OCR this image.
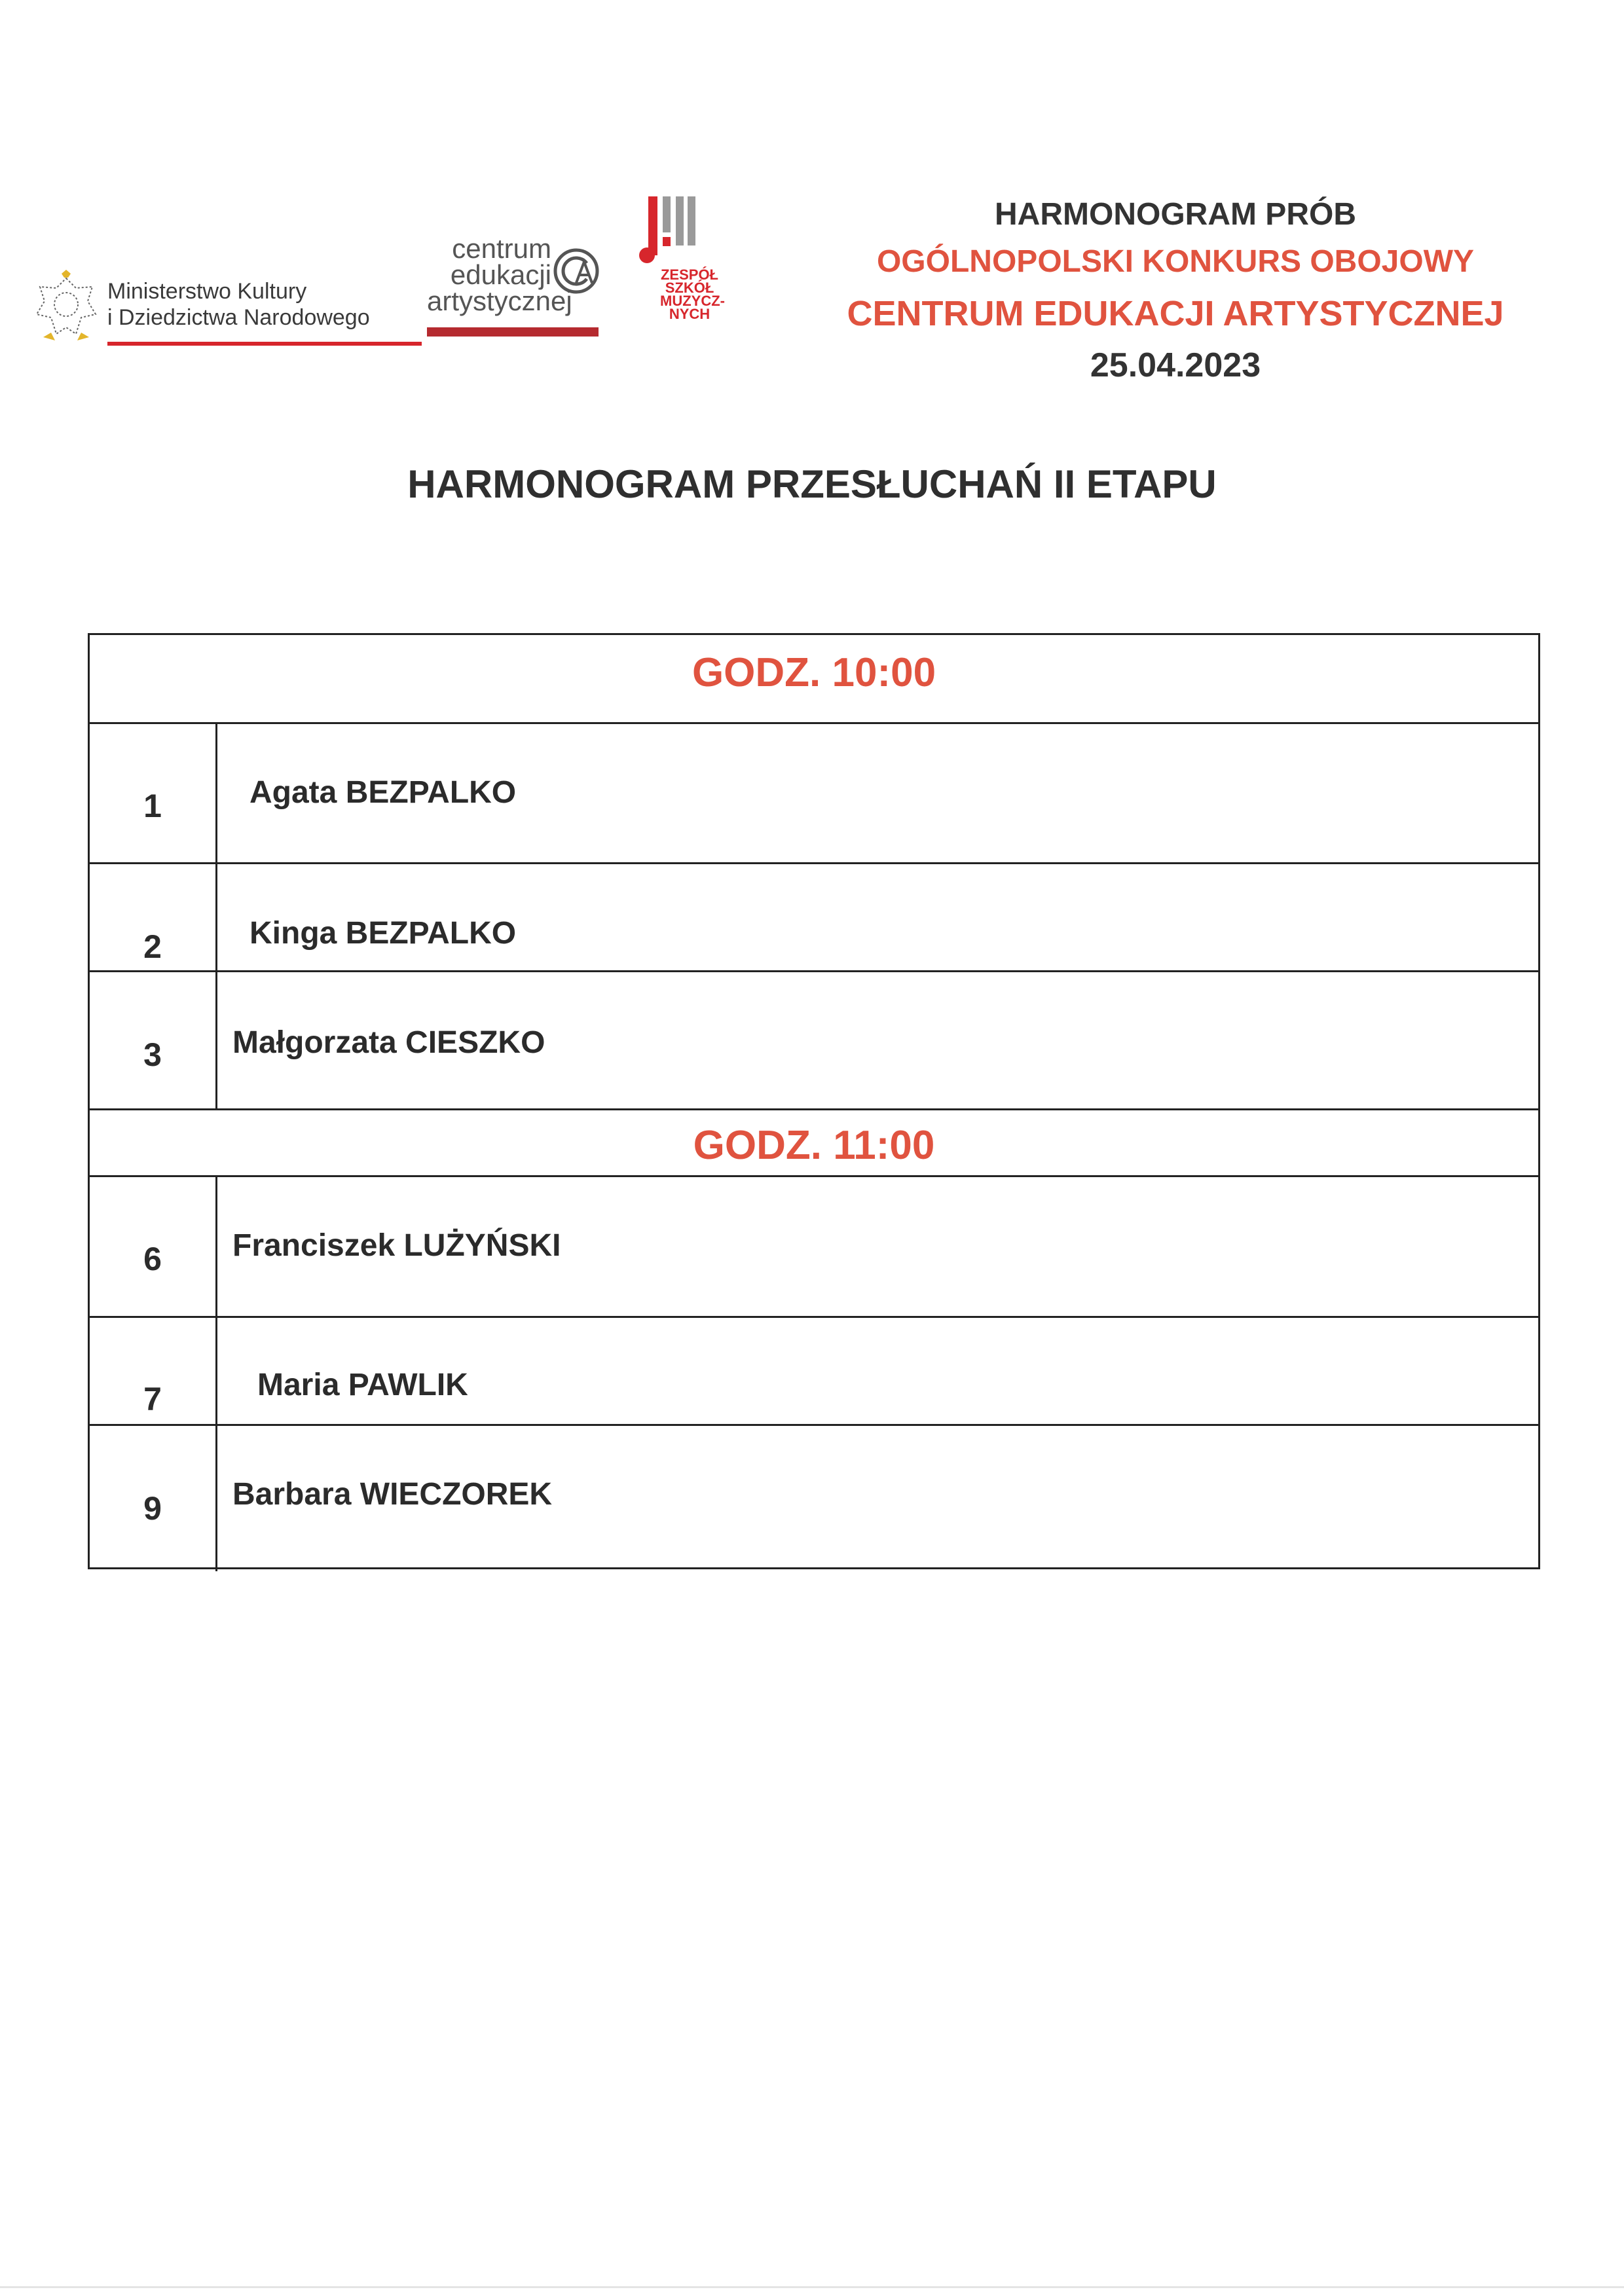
Ministerstwo Kultury
i Dziedzictwa Narodowego
centrum
edukacji
artystycznej
ZESPÓŁ
SZKÓŁ
MUZYCZ-
NYCH
HARMONOGRAM PRÓB
OGÓLNOPOLSKI KONKURS OBOJOWY
CENTRUM EDUKACJI ARTYSTYCZNEJ
25.04.2023
HARMONOGRAM PRZESŁUCHAŃ II ETAPU
GODZ. 10:00
1	Agata BEZPALKO
2	Kinga BEZPALKO
3	Małgorzata CIESZKO
GODZ. 11:00
6	Franciszek LUŻYŃSKI
7	Maria PAWLIK
9	Barbara WIECZOREK
